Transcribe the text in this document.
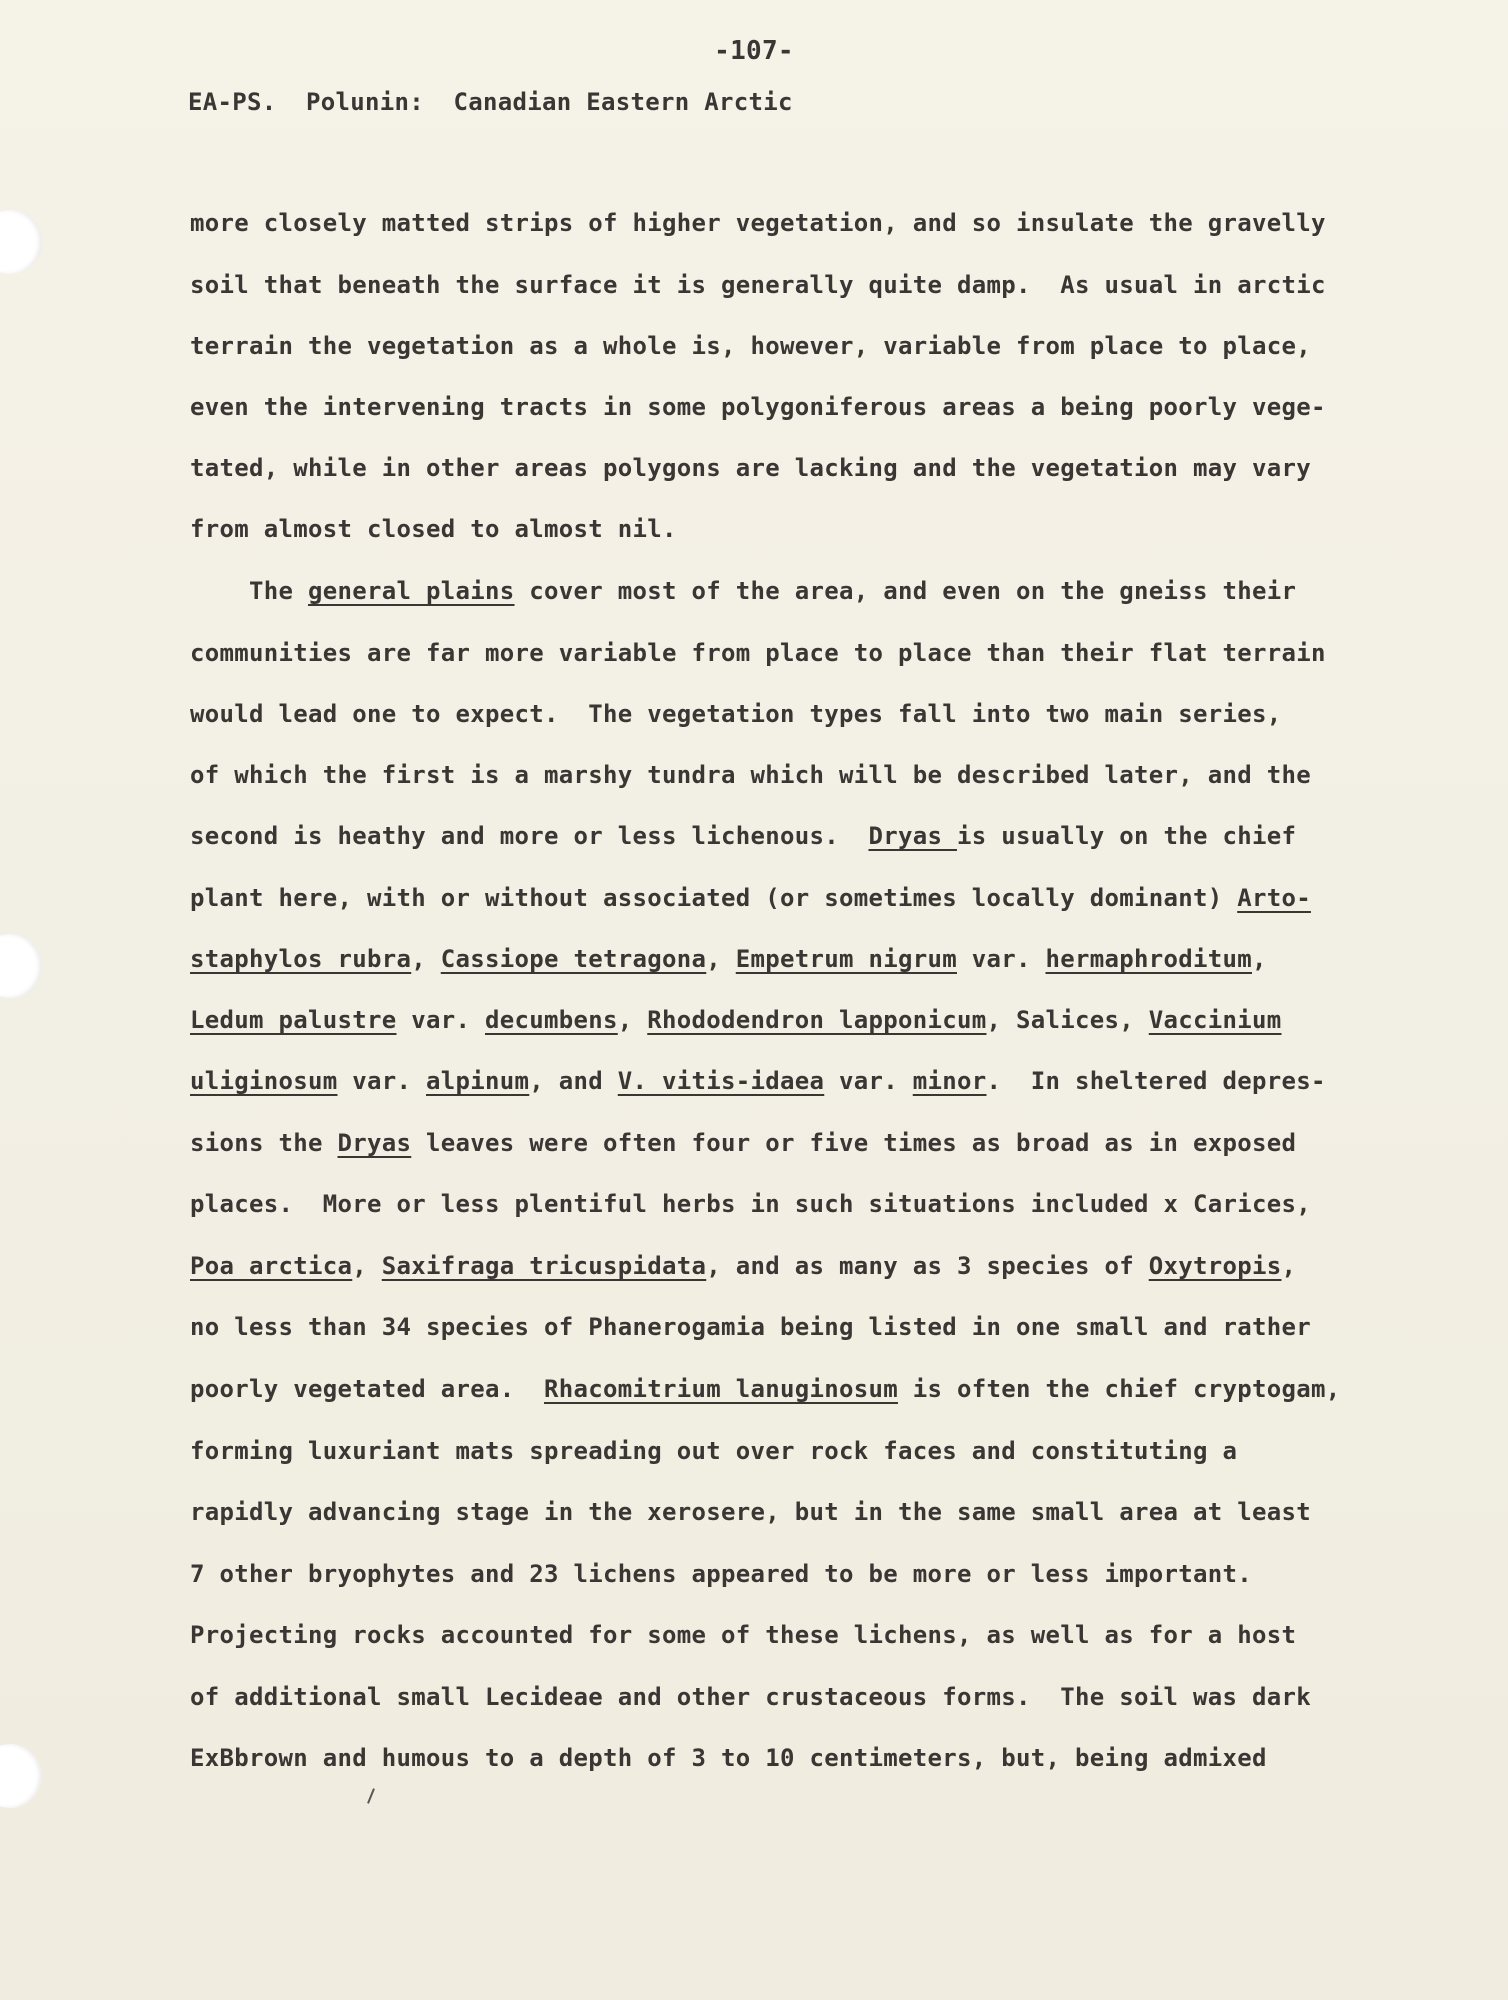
-107-

EA-PS.  Polunin:  Canadian Eastern Arctic

more closely matted strips of higher vegetation, and so insulate the gravelly

soil that beneath the surface it is generally quite damp.  As usual in arctic

terrain the vegetation as a whole is, however, variable from place to place,

even the intervening tracts in some polygoniferous areas a being poorly vege-

tated, while in other areas polygons are lacking and the vegetation may vary

from almost closed to almost nil.

The general plains cover most of the area, and even on the gneiss their

communities are far more variable from place to place than their flat terrain

would lead one to expect.  The vegetation types fall into two main series,

of which the first is a marshy tundra which will be described later, and the

second is heathy and more or less lichenous.  Dryas is usually on the chief

plant here, with or without associated (or sometimes locally dominant) Arto-

staphylos rubra, Cassiope tetragona, Empetrum nigrum var. hermaphroditum,

Ledum palustre var. decumbens, Rhododendron lapponicum, Salices, Vaccinium

uliginosum var. alpinum, and V. vitis-idaea var. minor.  In sheltered depres-

sions the Dryas leaves were often four or five times as broad as in exposed

places.  More or less plentiful herbs in such situations included x Carices,

Poa arctica, Saxifraga tricuspidata, and as many as 3 species of Oxytropis,

no less than 34 species of Phanerogamia being listed in one small and rather

poorly vegetated area.  Rhacomitrium lanuginosum is often the chief cryptogam,

forming luxuriant mats spreading out over rock faces and constituting a

rapidly advancing stage in the xerosere, but in the same small area at least

7 other bryophytes and 23 lichens appeared to be more or less important.

Projecting rocks accounted for some of these lichens, as well as for a host

of additional small Lecideae and other crustaceous forms.  The soil was dark

ExBbrown and humous to a depth of 3 to 10 centimeters, but, being admixed
